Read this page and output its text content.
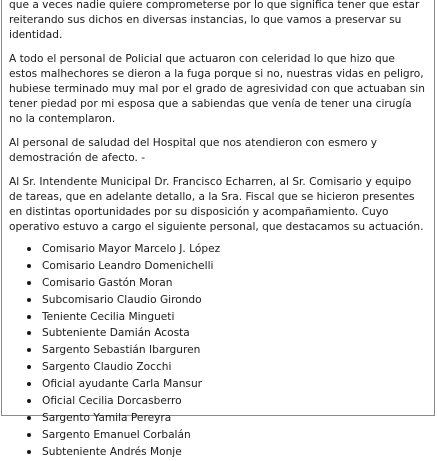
que a veces nadie quiere comprometerse por lo que significa tener que estar reiterando sus dichos en diversas instancias, lo que vamos a preservar su identidad.

A todo el personal de Policial que actuaron con celeridad lo que hizo que estos malhechores se dieron a la fuga porque si no, nuestras vidas en peligro, hubiese terminado muy mal por el grado de agresividad con que actuaban sin tener piedad por mi esposa que a sabiendas que venía de tener una cirugía no la contemplaron.

Al personal de saludad del Hospital que nos atendieron con esmero y demostración de afecto. -

Al Sr. Intendente Municipal Dr. Francisco Echarren, al Sr. Comisario y equipo de tareas, que en adelante detallo, a la Sra. Fiscal que se hicieron presentes en distintas oportunidades por su disposición y acompañamiento. Cuyo operativo estuvo a cargo el siguiente personal, que destacamos su actuación.

Comisario Mayor Marcelo J. López
Comisario Leandro Domenichelli
Comisario Gastón Moran
Subcomisario Claudio Girondo
Teniente Cecilia Mingueti
Subteniente Damián Acosta
Sargento Sebastián Ibarguren
Sargento Claudio Zocchi
Oficial ayudante Carla Mansur
Oficial Cecilia Dorcasberro
Sargento Yamila Pereyra
Sargento Emanuel Corbalán
Subteniente Andrés Monje
